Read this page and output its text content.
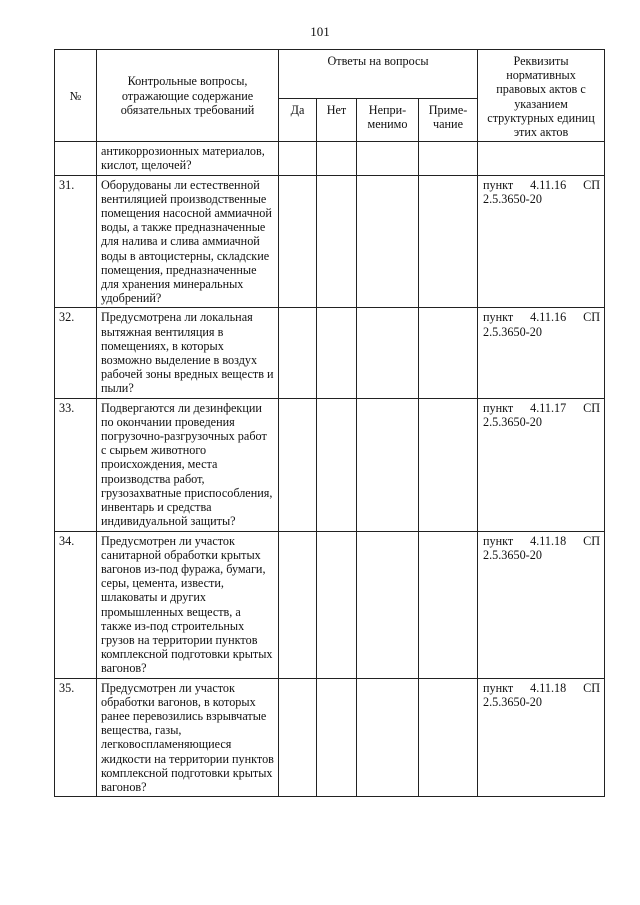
101
№	Контрольные вопросы, отражающие содержание обязательных требований	Ответы на вопросы				Реквизиты нормативных правовых актов с указанием структурных единиц этих актов
		Да	Нет	Непри-менимо	Приме-чание	
	антикоррозионных материалов, кислот, щелочей?					
31.	Оборудованы ли естественной вентиляцией производственные помещения насосной аммиачной воды, а также предназначенные для налива и слива аммиачной воды в автоцистерны, складские помещения, предназначенные для хранения минеральных удобрений?					пункт 4.11.16 СП 2.5.3650-20
32.	Предусмотрена ли локальная вытяжная вентиляция в помещениях, в которых возможно выделение в воздух рабочей зоны вредных веществ и пыли?					пункт 4.11.16 СП 2.5.3650-20
33.	Подвергаются ли дезинфекции по окончании проведения погрузочно-разгрузочных работ с сырьем животного происхождения, места производства работ, грузозахватные приспособления, инвентарь и средства индивидуальной защиты?					пункт 4.11.17 СП 2.5.3650-20
34.	Предусмотрен ли участок санитарной обработки крытых вагонов из-под фуража, бумаги, серы, цемента, извести, шлаковаты и других промышленных веществ, а также из-под строительных грузов на территории пунктов комплексной подготовки крытых вагонов?					пункт 4.11.18 СП 2.5.3650-20
35.	Предусмотрен ли участок обработки вагонов, в которых ранее перевозились взрывчатые вещества, газы, легковоспламеняющиеся жидкости на территории пунктов комплексной подготовки крытых вагонов?					пункт 4.11.18 СП 2.5.3650-20
